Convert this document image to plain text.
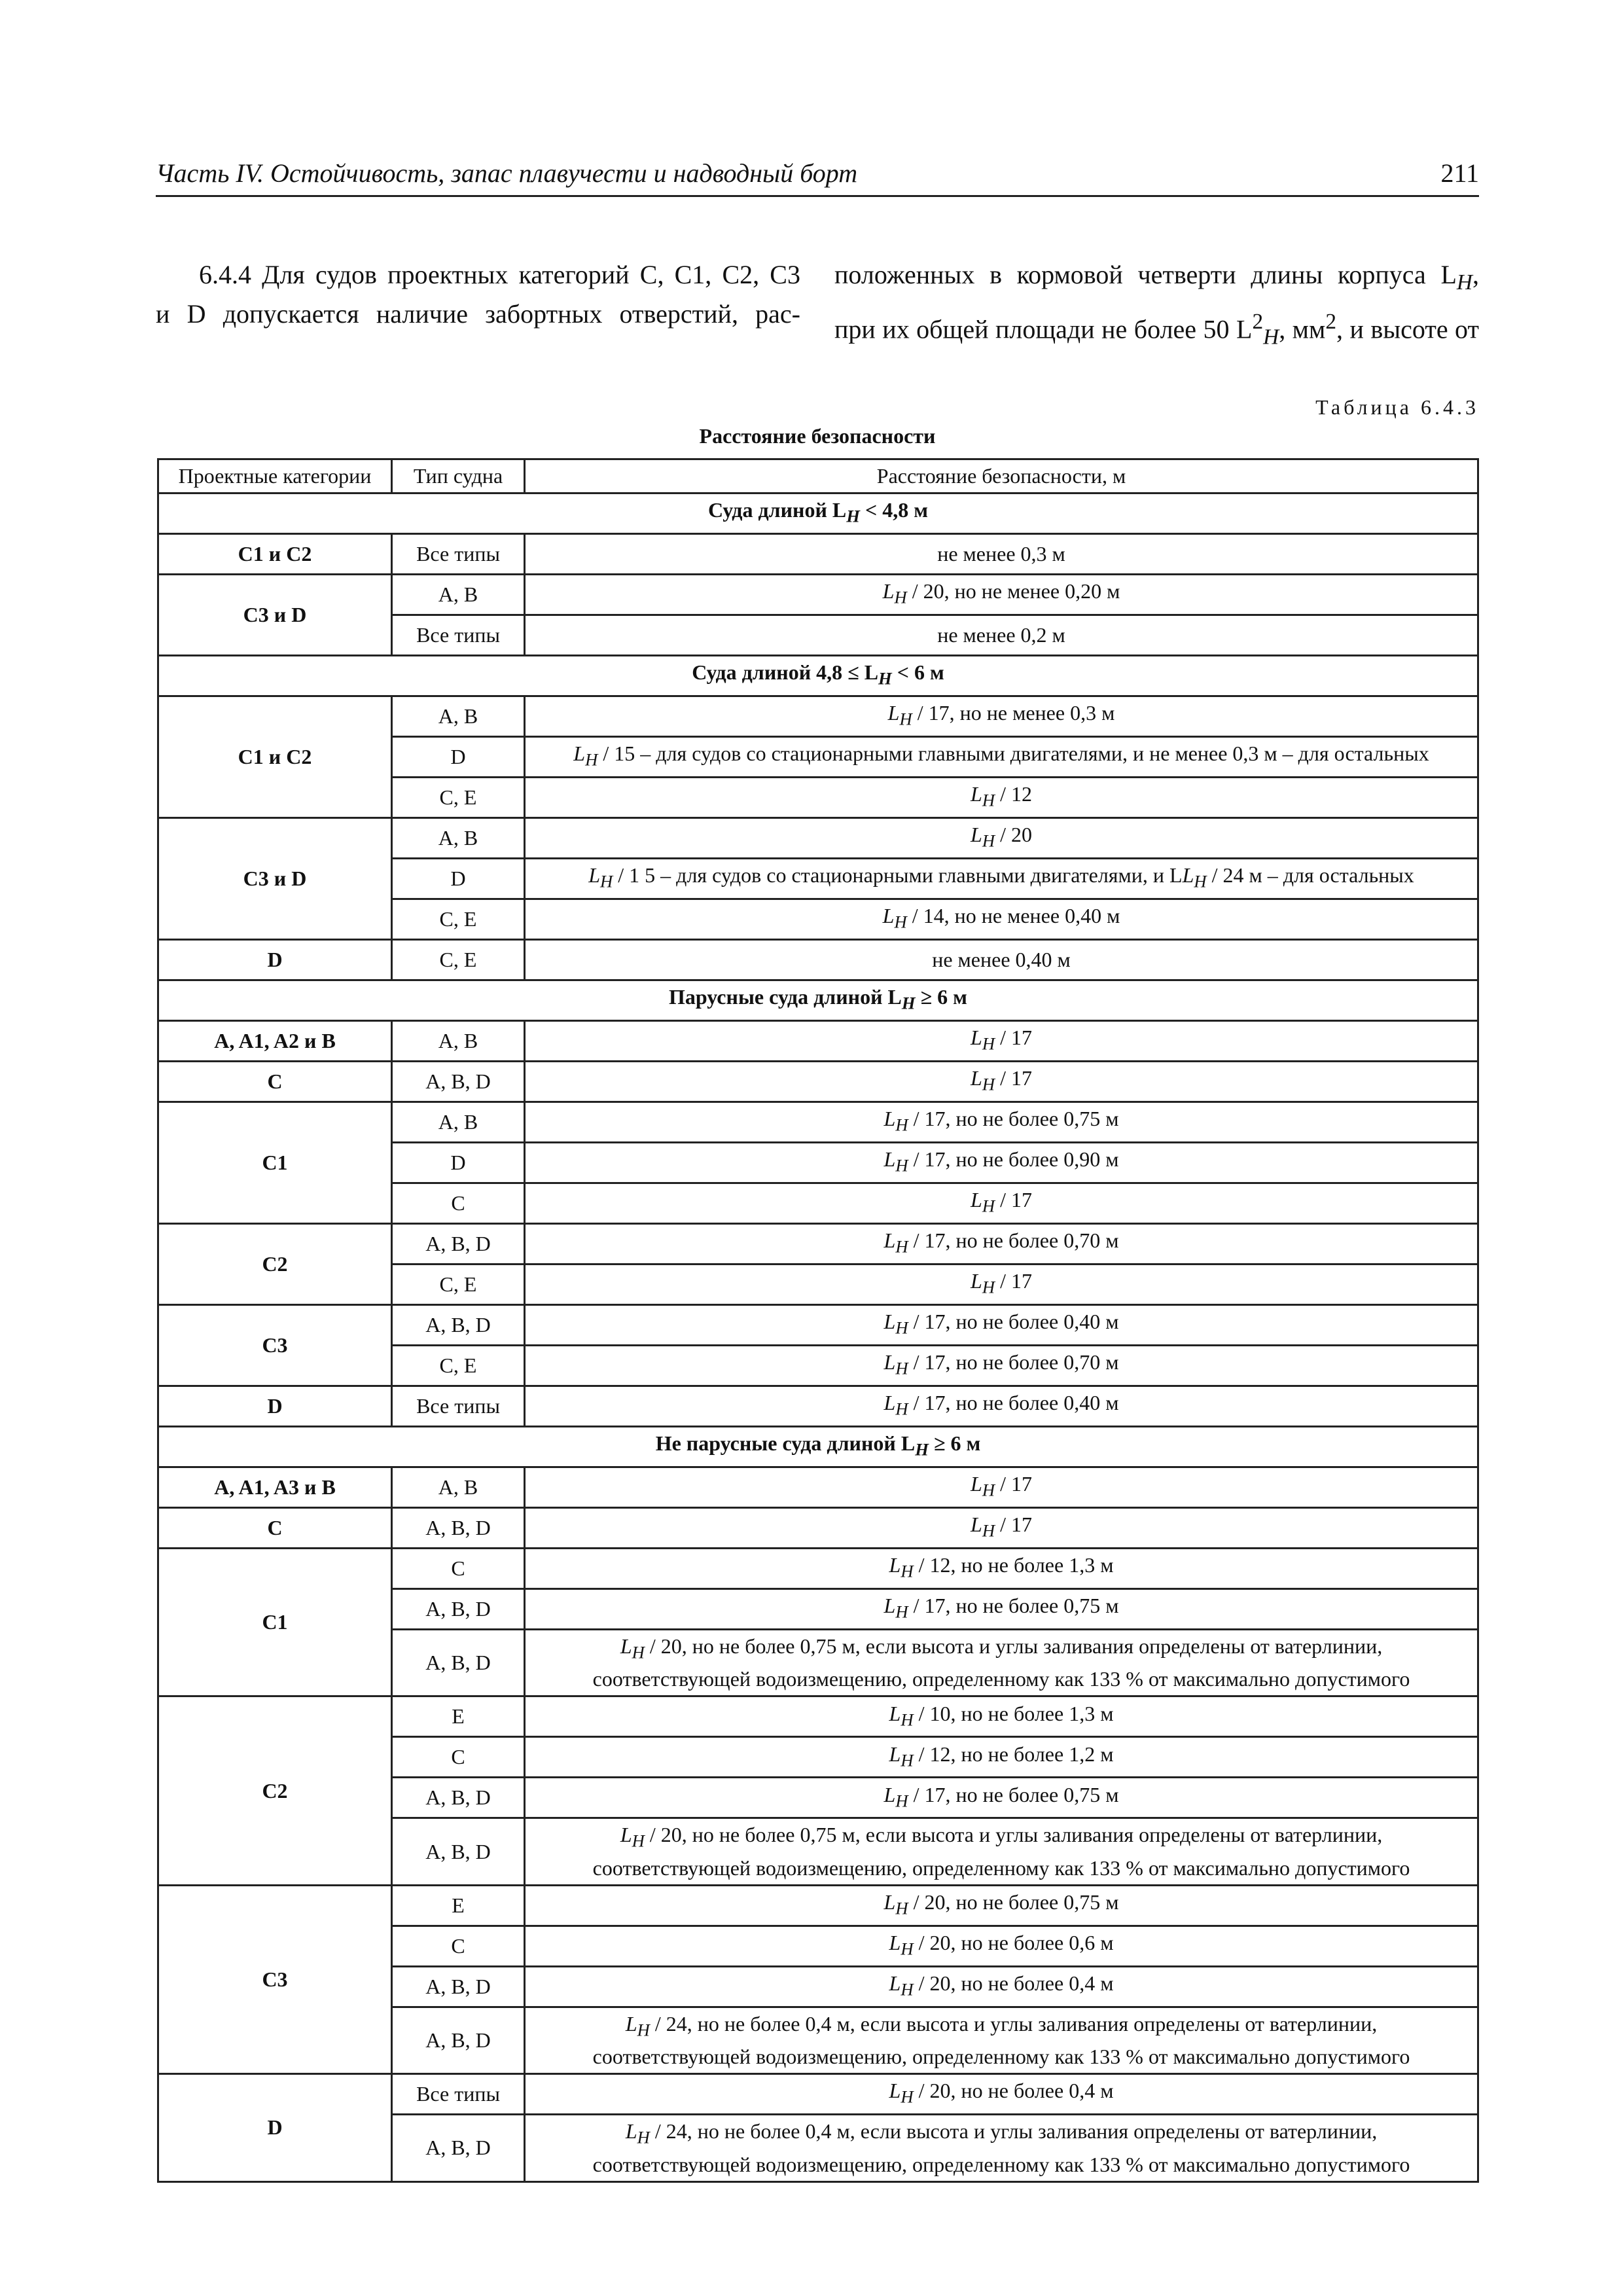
Часть IV. Остойчивость, запас плавучести и надводный борт	211

6.4.4 Для судов проектных категорий C, C1, C2, C3

и D допускается наличие забортных отверстий, рас-

положенных в кормовой четверти длины корпуса $L_Н$,

при их общей площади не более 50 $L^2_Н$, $мм^2$, и высоте от

Таблица 6.4.3
Расстояние безопасности
Проектные категории	Тип судна	Расстояние безопасности, м
Суда длиной $L_Н < 4,8$ м		
C1 и C2	Все типы	не менее 0,3 м
C3 и D	A, B	$L_Н / 20$, но не менее 0,20 м
	Все типы	не менее 0,2 м
Суда длиной $4,8 \le L_Н < 6$ м		
C1 и C2	A, B	$L_Н / 17$, но не менее 0,3 м
	D	$L_Н / 15$ – для судов со стационарными главными двигателями, и не менее 0,3 м – для остальных
	C, E	$L_Н / 12$
C3 и D	A, B	$L_Н / 20$
	D	$L_Н / 1$ 5 – для судов со стационарными главными двигателями, и $LL_Н / 24$ м – для остальных
	C, E	$L_Н / 14$, но не менее 0,40 м
D	C, E	не менее 0,40 м
Парусные суда длиной $L_Н \ge 6$ м		
A, A1, A2 и B	A, B	$L_Н / 17$
C	A, B, D	$L_Н / 17$
C1	A, B	$L_Н / 17$, но не более 0,75 м
	D	$L_Н / 17$, но не более 0,90 м
	C	$L_Н / 17$
C2	A, B, D	$L_Н / 17$, но не более 0,70 м
	C, E	$L_Н / 17$
C3	A, B, D	$L_Н / 17$, но не более 0,40 м
	C, E	$L_Н / 17$, но не более 0,70 м
D	Все типы	$L_Н / 17$, но не более 0,40 м
Не парусные суда длиной $L_Н \ge 6$ м		
A, A1, A3 и B	A, B	$L_Н / 17$
C	A, B, D	$L_Н / 17$
C1	C	$L_Н / 12$, но не более 1,3 м
	A, B, D	$L_Н / 17$, но не более 0,75 м
	A, B, D	$L_Н / 20$, но не более 0,75 м, если высота и углы заливания определены от ватерлинии,
соответствующей водоизмещению, определенному как 133 % от максимально допустимого
C2	E	$L_Н / 10$, но не более 1,3 м
	C	$L_Н / 12$, но не более 1,2 м
	A, B, D	$L_Н / 17$, но не более 0,75 м
	A, B, D	$L_Н / 20$, но не более 0,75 м, если высота и углы заливания определены от ватерлинии,
соответствующей водоизмещению, определенному как 133 % от максимально допустимого
C3	E	$L_Н / 20$, но не более 0,75 м
	C	$L_Н / 20$, но не более 0,6 м
	A, B, D	$L_Н / 20$, но не более 0,4 м
	A, B, D	$L_Н / 24$, но не более 0,4 м, если высота и углы заливания определены от ватерлинии,
соответствующей водоизмещению, определенному как 133 % от максимально допустимого
D	Все типы	$L_Н / 20$, но не более 0,4 м
	A, B, D	$L_Н / 24$, но не более 0,4 м, если высота и углы заливания определены от ватерлинии,
соответствующей водоизмещению, определенному как 133 % от максимально допустимого
